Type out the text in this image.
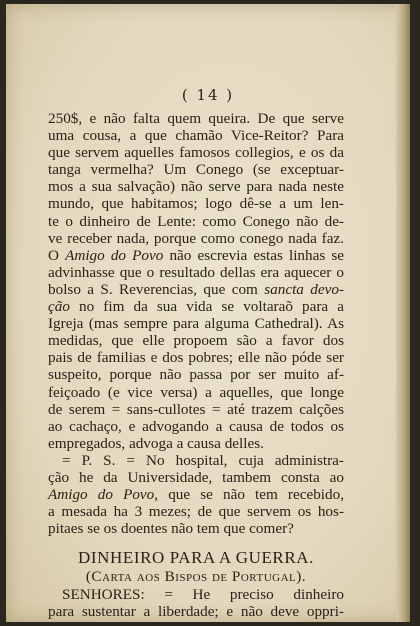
( 14 )
250$, e não falta quem queira. De que serve
uma cousa, a que chamão Vice-Reitor? Para
que servem aquelles famosos collegios, e os da
tanga vermelha? Um Conego (se exceptuar-
mos a sua salvação) não serve para nada neste
mundo, que habitamos; logo dê-se a um len-
te o dinheiro de Lente: como Conego não de-
ve receber nada, porque como conego nada faz.
O Amigo do Povo não escrevia estas linhas se
advinhasse que o resultado dellas era aquecer o
bolso a S. Reverencias, que com sancta devo-
ção no fim da sua vida se voltaraõ para a
Igreja (mas sempre para alguma Cathedral). As
medidas, que elle propoem são a favor dos
pais de familias e dos pobres; elle não póde ser
suspeito, porque não passa por ser muito af-
feiçoado (e vice versa) a aquelles, que longe
de serem = sans-cullotes = até trazem calções
ao cachaço, e advogando a causa de todos os
empregados, advoga a causa delles.
= P. S. = No hospital, cuja administra-
ção he da Universidade, tambem consta ao
Amigo do Povo, que se não tem recebido,
a mesada ha 3 mezes; de que servem os hos-
pitaes se os doentes não tem que comer?
DINHEIRO PARA A GUERRA.
(Carta aos Bispos de Portugal).
SENHORES: = He preciso dinheiro
para sustentar a liberdade; e não deve oppri-
